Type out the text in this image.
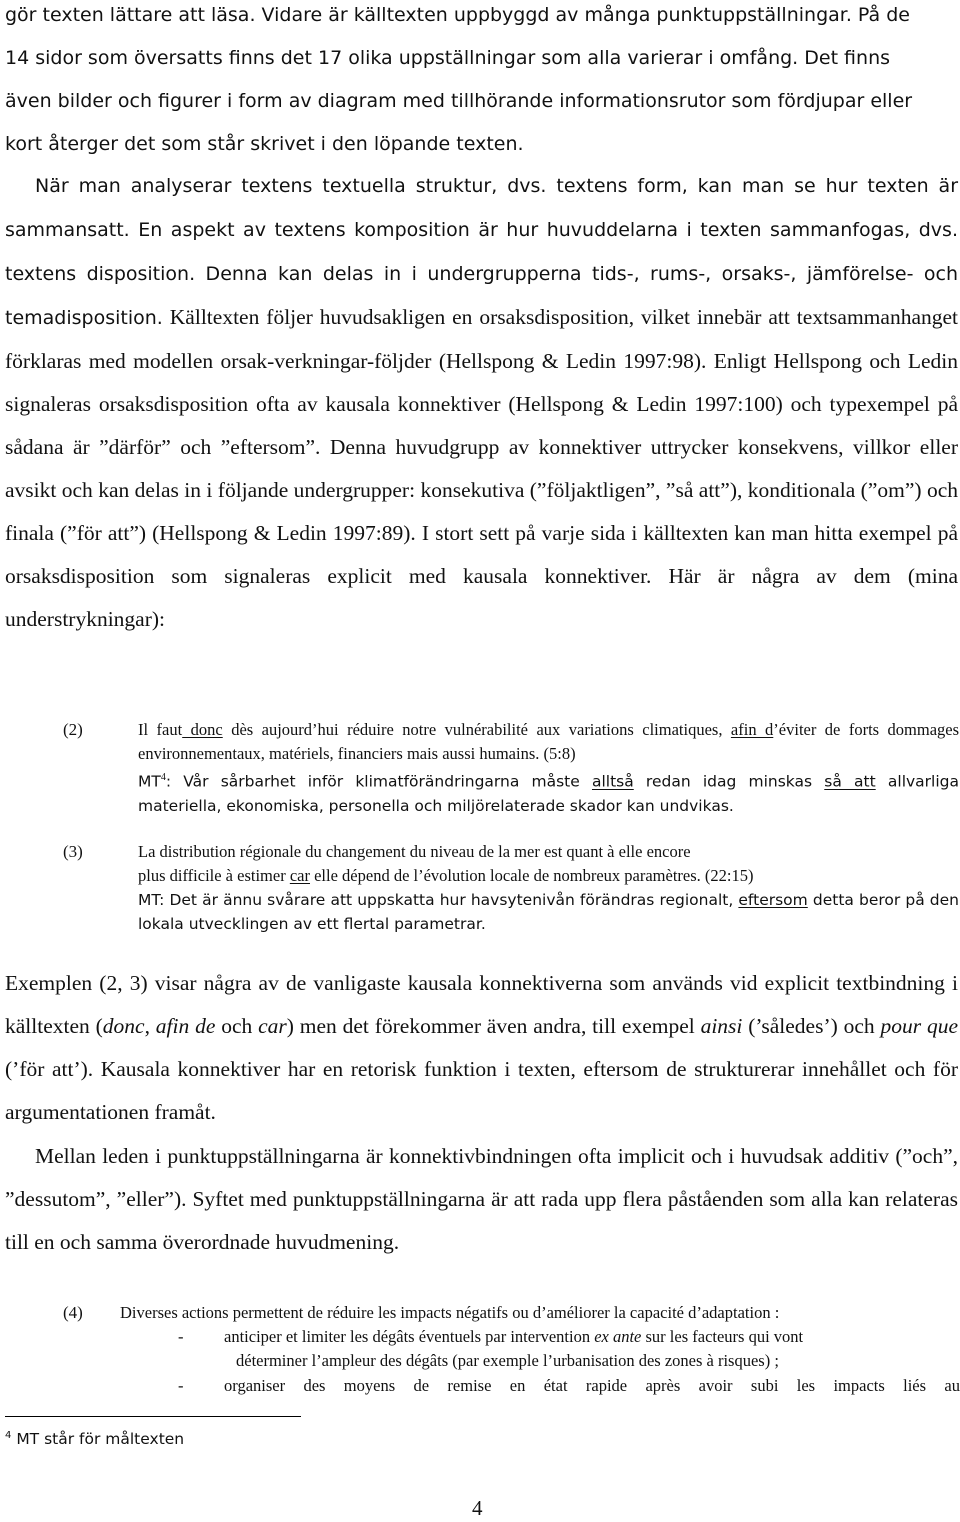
gör texten lättare att läsa. Vidare är källtexten uppbyggd av många punktuppställningar. På de
14 sidor som översatts finns det 17 olika uppställningar som alla varierar i omfång. Det finns
även bilder och figurer i form av diagram med tillhörande informationsrutor som fördjupar eller
kort återger det som står skrivet i den löpande texten.

När man analyserar textens textuella struktur, dvs. textens form, kan man se hur texten är sammansatt. En aspekt av textens komposition är hur huvuddelarna i texten sammanfogas, dvs. textens disposition. Denna kan delas in i undergrupperna tids-, rums-, orsaks-, jämförelse- och temadisposition. Källtexten följer huvudsakligen en orsaksdisposition, vilket innebär att textsammanhanget förklaras med modellen orsak-verkningar-följder (Hellspong & Ledin 1997:98). Enligt Hellspong och Ledin signaleras orsaksdisposition ofta av kausala konnektiver (Hellspong & Ledin 1997:100) och typexempel på sådana är ”därför” och ”eftersom”. Denna huvudgrupp av konnektiver uttrycker konsekvens, villkor eller avsikt och kan delas in i följande undergrupper: konsekutiva (”följaktligen”, ”så att”), konditionala (”om”) och finala (”för att”) (Hellspong & Ledin 1997:89). I stort sett på varje sida i källtexten kan man hitta exempel på orsaksdisposition som signaleras explicit med kausala konnektiver. Här är några av dem (mina understrykningar):

(2)	Il faut donc dès aujourd’hui réduire notre vulnérabilité aux variations climatiques, afin d’éviter de forts dommages environnementaux, matériels, financiers mais aussi humains. (5:8)

$MT^4$: Vår sårbarhet inför klimatförändringarna måste alltså redan idag minskas så att allvarliga materiella, ekonomiska, personella och miljörelaterade skador kan undvikas.

(3)	La distribution régionale du changement du niveau de la mer est quant à elle encore

plus difficile à estimer car elle dépend de l’évolution locale de nombreux paramètres. (22:15)

MT: Det är ännu svårare att uppskatta hur havsytenivån förändras regionalt, eftersom detta beror på den lokala utvecklingen av ett flertal parametrar.

Exemplen (2, 3) visar några av de vanligaste kausala konnektiverna som används vid explicit textbindning i källtexten (donc, afin de och car) men det förekommer även andra, till exempel ainsi (’således’) och pour que (’för att’). Kausala konnektiver har en retorisk funktion i texten, eftersom de strukturerar innehållet och för argumentationen framåt.

Mellan leden i punktuppställningarna är konnektivbindningen ofta implicit och i huvudsak additiv (”och”, ”dessutom”, ”eller”). Syftet med punktuppställningarna är att rada upp flera påståenden som alla kan relateras till en och samma överordnade huvudmening.

(4) Diverses actions permettent de réduire les impacts négatifs ou d’améliorer la capacité d’adaptation :
- anticiper et limiter les dégâts éventuels par intervention ex ante sur les facteurs qui vont

déterminer l’ampleur des dégâts (par exemple l’urbanisation des zones à risques) ;
- organiser des moyens de remise en état rapide après avoir subi les impacts liés au
$^4$ MT står för måltexten
4
